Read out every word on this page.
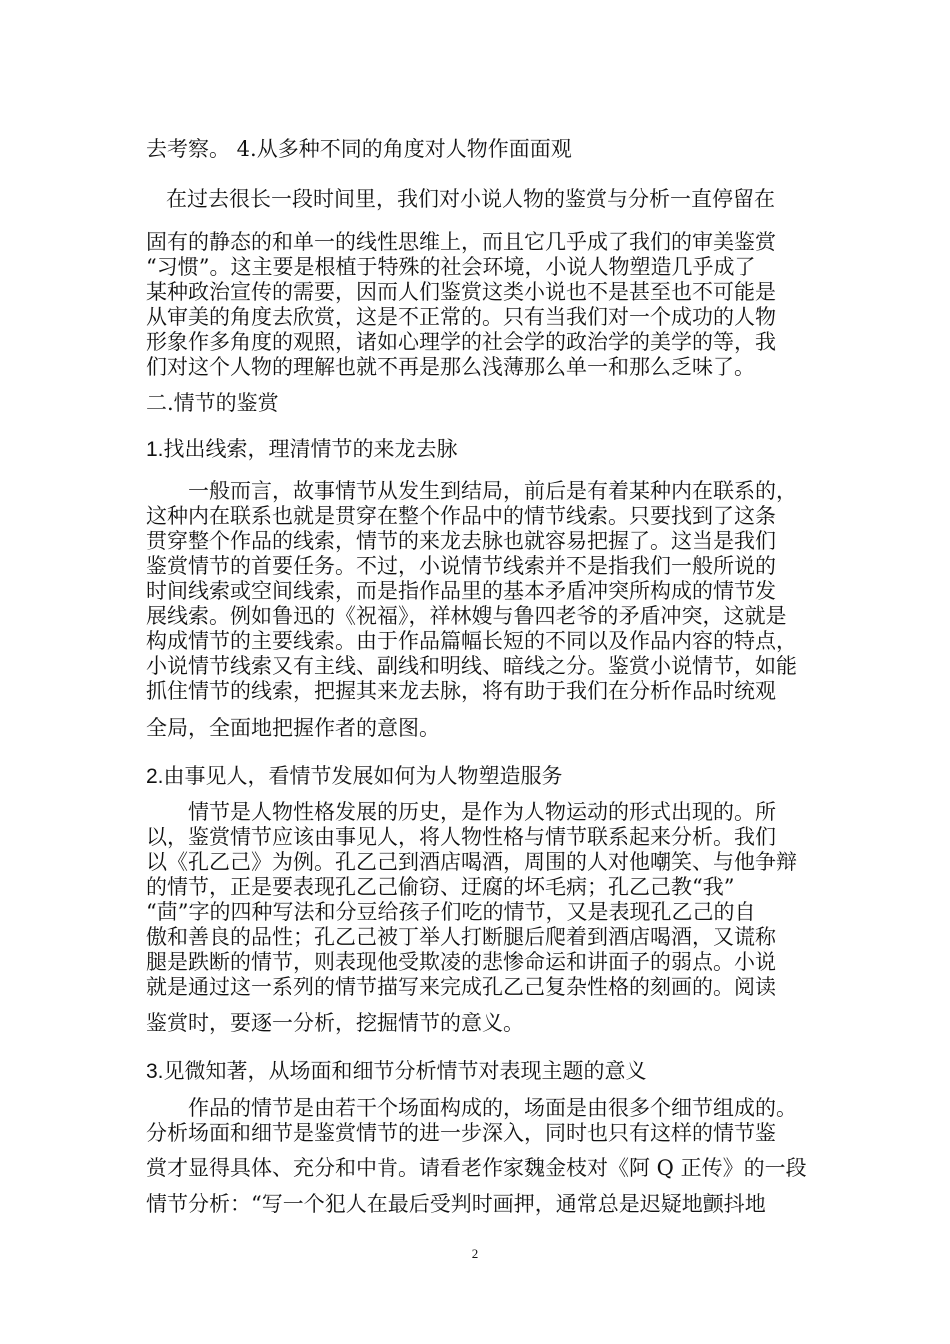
去考察。 4.从多种不同的角度对人物作面面观
在过去很长一段时间里，我们对小说人物的鉴赏与分析一直停留在
固有的静态的和单一的线性思维上，而且它几乎成了我们的审美鉴赏
“习惯”。这主要是根植于特殊的社会环境，小说人物塑造几乎成了
某种政治宣传的需要，因而人们鉴赏这类小说也不是甚至也不可能是
从审美的角度去欣赏，这是不正常的。只有当我们对一个成功的人物
形象作多角度的观照，诸如心理学的社会学的政治学的美学的等，我
们对这个人物的理解也就不再是那么浅薄那么单一和那么乏味了。
二.情节的鉴赏
1.找出线索，理清情节的来龙去脉
一般而言，故事情节从发生到结局，前后是有着某种内在联系的，
这种内在联系也就是贯穿在整个作品中的情节线索。只要找到了这条
贯穿整个作品的线索，情节的来龙去脉也就容易把握了。这当是我们
鉴赏情节的首要任务。不过，小说情节线索并不是指我们一般所说的
时间线索或空间线索，而是指作品里的基本矛盾冲突所构成的情节发
展线索。例如鲁迅的《祝福》，祥林嫂与鲁四老爷的矛盾冲突，这就是
构成情节的主要线索。由于作品篇幅长短的不同以及作品内容的特点，
小说情节线索又有主线、副线和明线、暗线之分。鉴赏小说情节，如能
抓住情节的线索，把握其来龙去脉，将有助于我们在分析作品时统观
全局，全面地把握作者的意图。
2.由事见人，看情节发展如何为人物塑造服务
情节是人物性格发展的历史，是作为人物运动的形式出现的。所
以，鉴赏情节应该由事见人，将人物性格与情节联系起来分析。我们
以《孔乙己》为例。孔乙己到酒店喝酒，周围的人对他嘲笑、与他争辩
的情节，正是要表现孔乙己偷窃、迂腐的坏毛病；孔乙己教“我”
“茴”字的四种写法和分豆给孩子们吃的情节，又是表现孔乙己的自
傲和善良的品性；孔乙己被丁举人打断腿后爬着到酒店喝酒，又谎称
腿是跌断的情节，则表现他受欺凌的悲惨命运和讲面子的弱点。小说
就是通过这一系列的情节描写来完成孔乙己复杂性格的刻画的。阅读
鉴赏时，要逐一分析，挖掘情节的意义。
3.见微知著，从场面和细节分析情节对表现主题的意义
作品的情节是由若干个场面构成的，场面是由很多个细节组成的。
分析场面和细节是鉴赏情节的进一步深入，同时也只有这样的情节鉴
赏才显得具体、充分和中肯。请看老作家魏金枝对《阿 Q 正传》的一段
情节分析：“写一个犯人在最后受判时画押，通常总是迟疑地颤抖地
2
